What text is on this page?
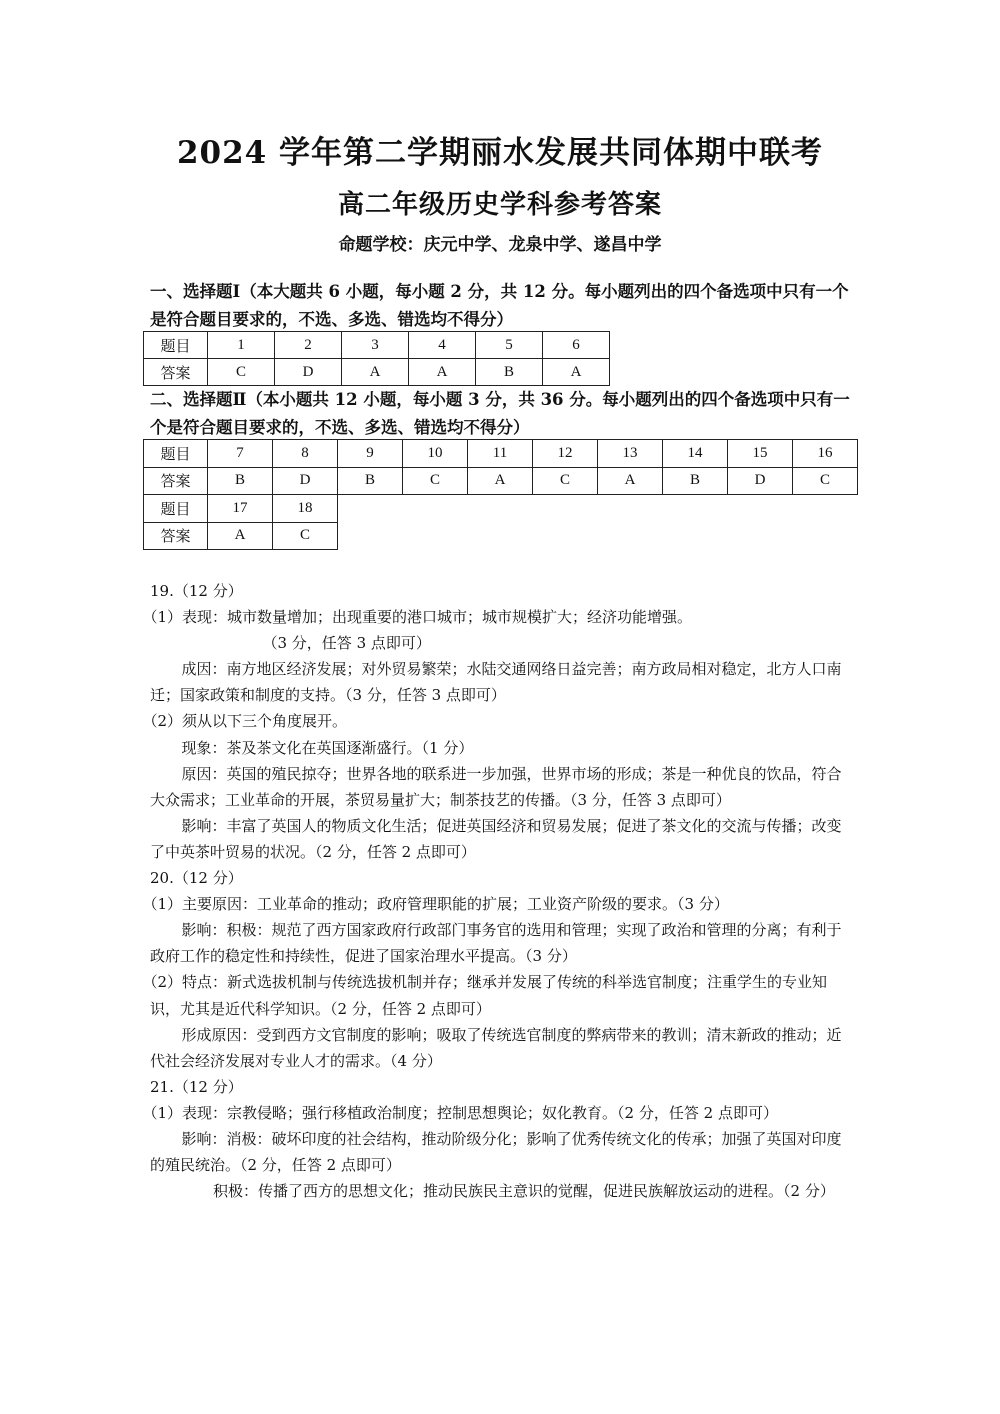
2024 学年第二学期丽水发展共同体期中联考
高二年级历史学科参考答案
命题学校：庆元中学、龙泉中学、遂昌中学

一、选择题Ⅰ（本大题共 6 小题，每小题 2 分，共 12 分。每小题列出的四个备选项中只有一个是符合题目要求的，不选、多选、错选均不得分）

题目	1	2	3	4	5	6
答案	C	D	A	A	B	A

二、选择题Ⅱ（本小题共 12 小题，每小题 3 分，共 36 分。每小题列出的四个备选项中只有一个是符合题目要求的，不选、多选、错选均不得分）

题目	7	8	9	10	11	12	13	14	15	16
答案	B	D	B	C	A	C	A	B	D	C
题目	17	18								
答案	A	C								

19.（12 分）

（1）表现：城市数量增加；出现重要的港口城市；城市规模扩大；经济功能增强。

（3 分，任答 3 点即可）

成因：南方地区经济发展；对外贸易繁荣；水陆交通网络日益完善；南方政局相对稳定，北方人口南迁；国家政策和制度的支持。（3 分，任答 3 点即可）

（2）须从以下三个角度展开。

现象：茶及茶文化在英国逐渐盛行。（1 分）

原因：英国的殖民掠夺；世界各地的联系进一步加强，世界市场的形成；茶是一种优良的饮品，符合大众需求；工业革命的开展，茶贸易量扩大；制茶技艺的传播。（3 分，任答 3 点即可）

影响：丰富了英国人的物质文化生活；促进英国经济和贸易发展；促进了茶文化的交流与传播；改变了中英茶叶贸易的状况。（2 分，任答 2 点即可）

20.（12 分）

（1）主要原因：工业革命的推动；政府管理职能的扩展；工业资产阶级的要求。（3 分）

影响：积极：规范了西方国家政府行政部门事务官的选用和管理；实现了政治和管理的分离；有利于政府工作的稳定性和持续性，促进了国家治理水平提高。（3 分）

（2）特点：新式选拔机制与传统选拔机制并存；继承并发展了传统的科举选官制度；注重学生的专业知识，尤其是近代科学知识。（2 分，任答 2 点即可）

形成原因：受到西方文官制度的影响；吸取了传统选官制度的弊病带来的教训；清末新政的推动；近代社会经济发展对专业人才的需求。（4 分）

21.（12 分）

（1）表现：宗教侵略；强行移植政治制度；控制思想舆论；奴化教育。（2 分，任答 2 点即可）

影响：消极：破坏印度的社会结构，推动阶级分化；影响了优秀传统文化的传承；加强了英国对印度的殖民统治。（2 分，任答 2 点即可）

积极：传播了西方的思想文化；推动民族民主意识的觉醒，促进民族解放运动的进程。（2 分）
